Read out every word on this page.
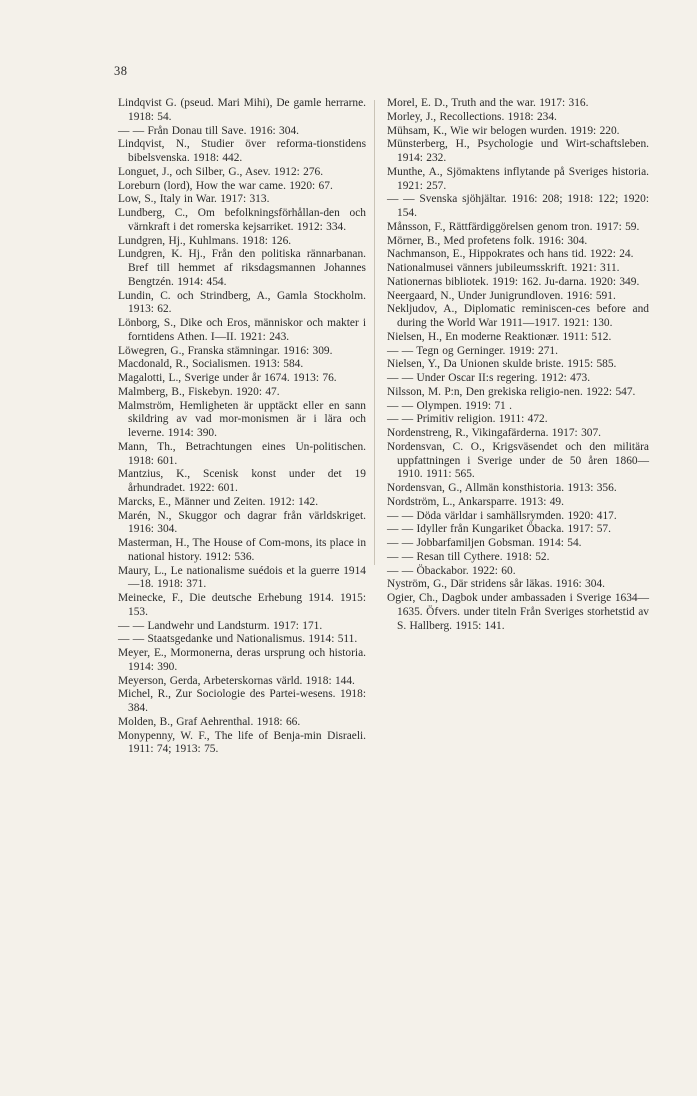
38
Lindqvist G. (pseud. Mari Mihi), De gamle herrarne. 1918: 54.
— — Från Donau till Save. 1916: 304.
Lindqvist, N., Studier över reforma-tionstidens bibelsvenska. 1918: 442.
Longuet, J., och Silber, G., Asev. 1912: 276.
Loreburn (lord), How the war came. 1920: 67.
Low, S., Italy in War. 1917: 313.
Lundberg, C., Om befolkningsförhållan-den och värnkraft i det romerska kejsarriket. 1912: 334.
Lundgren, Hj., Kuhlmans. 1918: 126.
Lundgren, K. Hj., Från den politiska rännarbanan. Bref till hemmet af riksdagsmannen Johannes Bengtzén. 1914: 454.
Lundin, C. och Strindberg, A., Gamla Stockholm. 1913: 62.
Lönborg, S., Dike och Eros, människor och makter i forntidens Athen. I—II. 1921: 243.
Löwegren, G., Franska stämningar. 1916: 309.
Macdonald, R., Socialismen. 1913: 584.
Magalotti, L., Sverige under år 1674. 1913: 76.
Malmberg, B., Fiskebyn. 1920: 47.
Malmström, Hemligheten är upptäckt eller en sann skildring av vad mor-monismen är i lära och leverne. 1914: 390.
Mann, Th., Betrachtungen eines Un-politischen. 1918: 601.
Mantzius, K., Scenisk konst under det 19 århundradet. 1922: 601.
Marcks, E., Männer und Zeiten. 1912: 142.
Marén, N., Skuggor och dagrar från världskriget. 1916: 304.
Masterman, H., The House of Com-mons, its place in national history. 1912: 536.
Maury, L., Le nationalisme suédois et la guerre 1914—18. 1918: 371.
Meinecke, F., Die deutsche Erhebung 1914. 1915: 153.
— — Landwehr und Landsturm. 1917: 171.
— — Staatsgedanke und Nationalismus. 1914: 511.
Meyer, E., Mormonerna, deras ursprung och historia. 1914: 390.
Meyerson, Gerda, Arbeterskornas värld. 1918: 144.
Michel, R., Zur Sociologie des Partei-wesens. 1918: 384.
Molden, B., Graf Aehrenthal. 1918: 66.
Monypenny, W. F., The life of Benja-min Disraeli. 1911: 74; 1913: 75.
Morel, E. D., Truth and the war. 1917: 316.
Morley, J., Recollections. 1918: 234.
Mühsam, K., Wie wir belogen wurden. 1919: 220.
Münsterberg, H., Psychologie und Wirt-schaftsleben. 1914: 232.
Munthe, A., Sjömaktens inflytande på Sveriges historia. 1921: 257.
— — Svenska sjöhjältar. 1916: 208; 1918: 122; 1920: 154.
Månsson, F., Rättfärdiggörelsen genom tron. 1917: 59.
Mörner, B., Med profetens folk. 1916: 304.
Nachmanson, E., Hippokrates och hans tid. 1922: 24.
Nationalmusei vänners jubileumsskrift. 1921: 311.
Nationernas bibliotek. 1919: 162. Ju-darna. 1920: 349.
Neergaard, N., Under Junigrundloven. 1916: 591.
Nekljudov, A., Diplomatic reminiscen-ces before and during the World War 1911—1917. 1921: 130.
Nielsen, H., En moderne Reaktionær. 1911: 512.
— — Tegn og Gerninger. 1919: 271.
Nielsen, Y., Da Unionen skulde briste. 1915: 585.
— — Under Oscar II:s regering. 1912: 473.
Nilsson, M. P:n, Den grekiska religio-nen. 1922: 547.
— — Olympen. 1919: 71 .
— — Primitiv religion. 1911: 472.
Nordenstreng, R., Vikingafärderna. 1917: 307.
Nordensvan, C. O., Krigsväsendet och den militära uppfattningen i Sverige under de 50 åren 1860—1910. 1911: 565.
Nordensvan, G., Allmän konsthistoria. 1913: 356.
Nordström, L., Ankarsparre. 1913: 49.
— — Döda världar i samhällsrymden. 1920: 417.
— — Idyller från Kungariket Öbacka. 1917: 57.
— — Jobbarfamiljen Gobsman. 1914: 54.
— — Resan till Cythere. 1918: 52.
— — Öbackabor. 1922: 60.
Nyström, G., Där stridens sår läkas. 1916: 304.
Ogier, Ch., Dagbok under ambassaden i Sverige 1634—1635. Öfvers. under titeln Från Sveriges storhetstid av S. Hallberg. 1915: 141.
